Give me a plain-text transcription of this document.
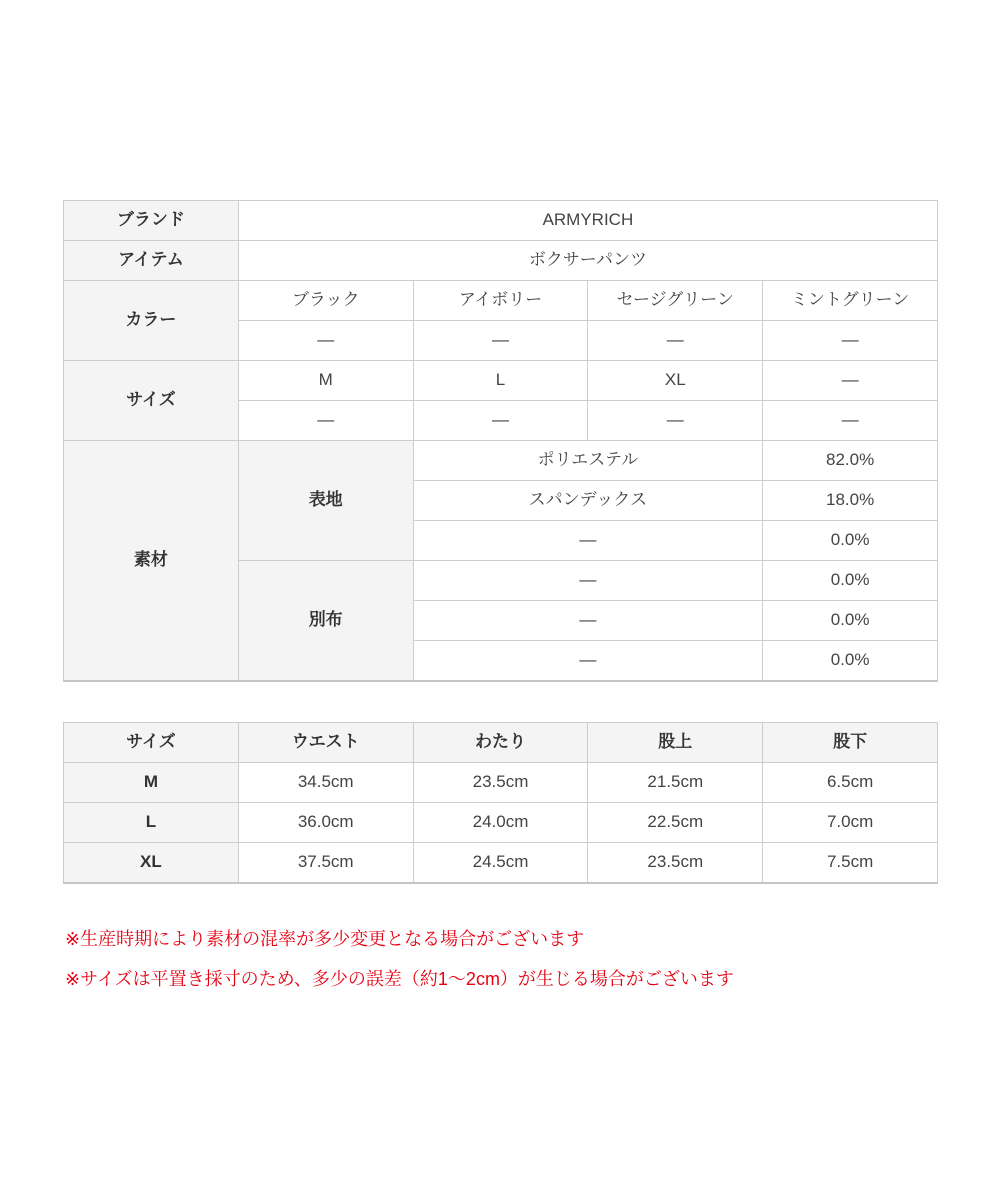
ブランド	ARMYRICH			
アイテム	ボクサーパンツ			
カラー	ブラック	アイボリー	セージグリーン	ミントグリーン
	—	—	—	—
サイズ	M	L	XL	—
	—	—	—	—
素材	表地	ポリエステル		82.0%
		スパンデックス		18.0%
		—		0.0%
	別布	—		0.0%
		—		0.0%
		—		0.0%
サイズ	ウエスト	わたり	股上	股下
M	34.5cm	23.5cm	21.5cm	6.5cm
L	36.0cm	24.0cm	22.5cm	7.0cm
XL	37.5cm	24.5cm	23.5cm	7.5cm

※生産時期により素材の混率が多少変更となる場合がございます

※サイズは平置き採寸のため、多少の誤差（約1〜2cm）が生じる場合がございます
